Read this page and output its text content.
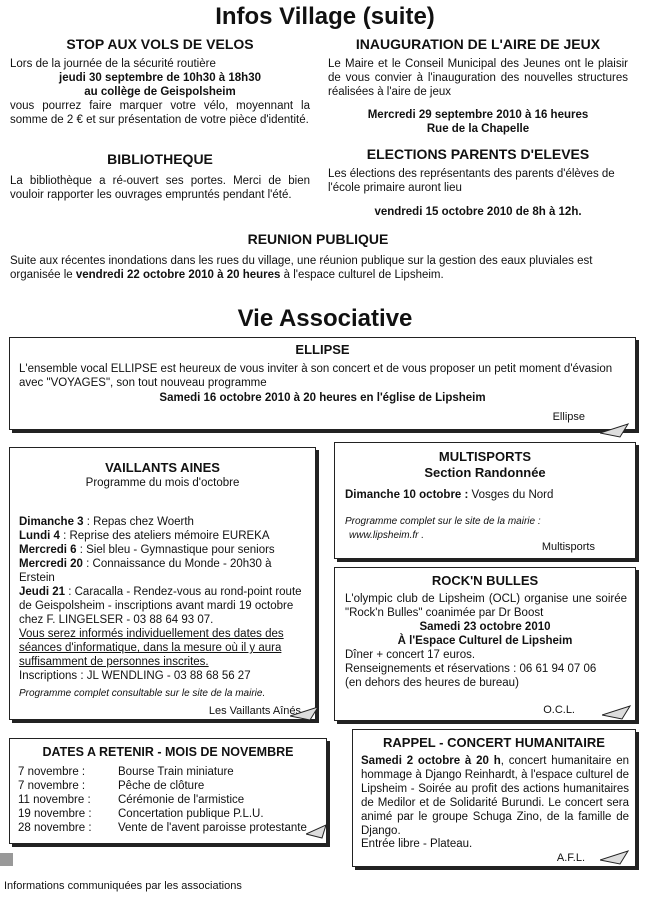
Infos Village (suite)
STOP AUX VOLS DE VELOS
Lors de la journée de la sécurité routière
jeudi 30 septembre de 10h30 à 18h30
au collège de Geispolsheim
vous pourrez faire marquer votre vélo, moyennant la somme de 2 € et sur présentation de votre pièce d'identité.
BIBLIOTHEQUE
La bibliothèque a ré-ouvert ses portes. Merci de bien vouloir rapporter les ouvrages empruntés pendant l'été.
INAUGURATION DE L'AIRE DE JEUX
Le Maire et le Conseil Municipal des Jeunes ont le plaisir de vous convier à l'inauguration des nouvelles structures réalisées à l'aire de jeux
Mercredi 29 septembre 2010 à 16 heures
Rue de la Chapelle
ELECTIONS PARENTS D'ELEVES
Les élections des représentants des parents d'élèves de l'école primaire auront lieu
vendredi 15 octobre 2010 de 8h à 12h.
REUNION PUBLIQUE
Suite aux récentes inondations dans les rues du village, une réunion publique sur la gestion des eaux pluviales est organisée le vendredi 22 octobre 2010 à 20 heures à l'espace culturel de Lipsheim.
Vie Associative
ELLIPSE
L'ensemble vocal ELLIPSE est heureux de vous inviter à son concert et de vous proposer un petit moment d'évasion avec "VOYAGES", son tout nouveau programme
Samedi 16 octobre 2010 à 20 heures en l'église de Lipsheim
Ellipse
VAILLANTS AINES
Programme du mois d'octobre
Dimanche 3 : Repas chez Woerth
Lundi 4 : Reprise des ateliers mémoire EUREKA
Mercredi 6 : Siel bleu - Gymnastique pour seniors
Mercredi 20 : Connaissance du Monde - 20h30 à Erstein
Jeudi 21 : Caracalla - Rendez-vous au rond-point route de Geispolsheim - inscriptions avant mardi 19 octobre chez F. LINGELSER - 03 88 64 93 07.
Vous serez informés individuellement des dates des séances d'informatique, dans la mesure où il y aura suffisamment de personnes inscrites.
Inscriptions : JL WENDLING - 03 88 68 56 27
Programme complet consultable sur le site de la mairie.
Les Vaillants Aînés
MULTISPORTS
Section Randonnée
Dimanche 10 octobre : Vosges du Nord
Programme complet sur le site de la mairie :
www.lipsheim.fr .
Multisports
ROCK'N BULLES
L'olympic club de Lipsheim (OCL) organise une soirée "Rock'n Bulles" coanimée par Dr Boost
Samedi 23 octobre 2010
À l'Espace Culturel de Lipsheim
Dîner + concert 17 euros.
Renseignements et réservations : 06 61 94 07 06
(en dehors des heures de bureau)
O.C.L.
DATES A RETENIR - MOIS DE NOVEMBRE
7 novembre :	Bourse Train miniature
7 novembre :	Pêche de clôture
11 novembre :	Cérémonie de l'armistice
19 novembre :	Concertation publique P.L.U.
28 novembre :	Vente de l'avent paroisse protestante
RAPPEL - CONCERT HUMANITAIRE
Samedi 2 octobre à 20 h, concert humanitaire en hommage à Django Reinhardt, à l'espace culturel de Lipsheim - Soirée au profit des actions humanitaires de Medilor et de Solidarité Burundi. Le concert sera animé par le groupe Schuga Zino, de la famille de Django.
Entrée libre - Plateau.
A.F.L.
Informations communiquées par les associations
